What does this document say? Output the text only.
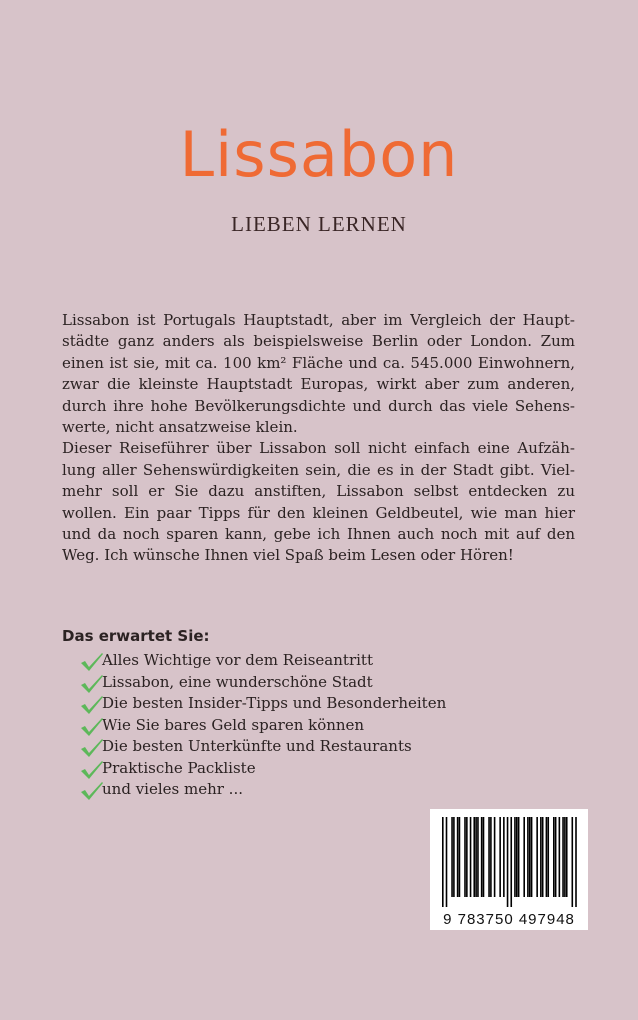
Lissabon
LIEBEN LERNEN
Lissabon ist Portugals Hauptstadt, aber im Vergleich der Haupt-
städte ganz anders als beispielsweise Berlin oder London. Zum
einen ist sie, mit ca. 100 km² Fläche und ca. 545.000 Einwohnern,
zwar die kleinste Hauptstadt Europas, wirkt aber zum anderen,
durch ihre hohe Bevölkerungsdichte und durch das viele Sehens-
werte, nicht ansatzweise klein.
Dieser Reiseführer über Lissabon soll nicht einfach eine Aufzäh-
lung aller Sehenswürdigkeiten sein, die es in der Stadt gibt. Viel-
mehr soll er Sie dazu anstiften, Lissabon selbst entdecken zu
wollen. Ein paar Tipps für den kleinen Geldbeutel, wie man hier
und da noch sparen kann, gebe ich Ihnen auch noch mit auf den
Weg. Ich wünsche Ihnen viel Spaß beim Lesen oder Hören!
Das erwartet Sie:
Alles Wichtige vor dem Reiseantritt
Lissabon, eine wunderschöne Stadt
Die besten Insider-Tipps und Besonderheiten
Wie Sie bares Geld sparen können
Die besten Unterkünfte und Restaurants
Praktische Packliste
und vieles mehr ...
9 783750 497948
